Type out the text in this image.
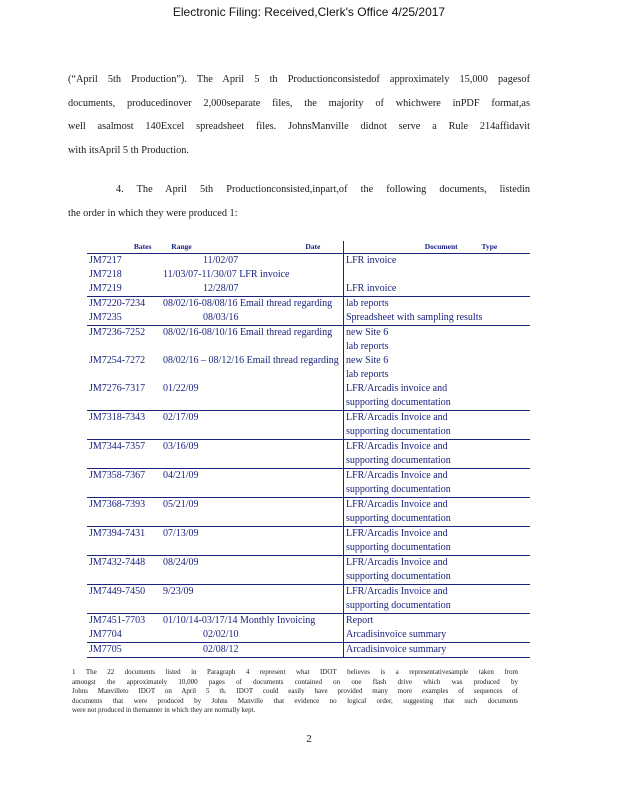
Electronic Filing: Received,Clerk's Office 4/25/2017

(“April 5th Production”). The April 5 th Productionconsistedof approximately 15,000 pagesof

documents, producedinover 2,000separate files, the majority of whichwere inPDF format,as

well asalmost 140Excel spreadsheet files. JohnsManville didnot serve a Rule 214affidavit

with itsApril 5 th Production.

4. The April 5th Productionconsisted,inpart,of the following documents, listedin

the order in which they were produced 1:

Bates Range Date	Document Type
JM7217 11/02/07	LFR invoice
JM7218 11/03/07-11/30/07 LFR invoice	
JM7219 12/28/07	LFR invoice
JM7220-7234 08/02/16-08/08/16 Email thread regarding	lab reports
JM7235 08/03/16	Spreadsheet with sampling results
JM7236-7252 08/02/16-08/10/16 Email thread regarding	new Site 6
	lab reports
JM7254-7272 08/02/16 – 08/12/16 Email thread regarding	new Site 6
	lab reports
JM7276-7317 01/22/09	LFR/Arcadis invoice and
	supporting documentation
JM7318-7343 02/17/09	LFR/Arcadis Invoice and
	supporting documentation
JM7344-7357 03/16/09	LFR/Arcadis Invoice and
	supporting documentation
JM7358-7367 04/21/09	LFR/Arcadis Invoice and
	supporting documentation
JM7368-7393 05/21/09	LFR/Arcadis Invoice and
	supporting documentation
JM7394-7431 07/13/09	LFR/Arcadis Invoice and
	supporting documentation
JM7432-7448 08/24/09	LFR/Arcadis Invoice and
	supporting documentation
JM7449-7450 9/23/09	LFR/Arcadis Invoice and
	supporting documentation
JM7451-7703 01/10/14-03/17/14 Monthly Invoicing	Report
JM7704 02/02/10	Arcadisinvoice summary
JM7705 02/08/12	Arcadisinvoice summary

1 The 22 documents listed in Paragraph 4 represent what IDOT believes is a representativesample taken from

amongst the approximately 10,000 pages of documents contained on one flash drive which was produced by

Johns Manvilleto IDOT on April 5 th. IDOT could easily have provided many more examples of sequences of

documents that were produced by Johns Manville that evidence no logical order, suggesting that such documents

were not produced in themanner in which they are normally kept.

2
